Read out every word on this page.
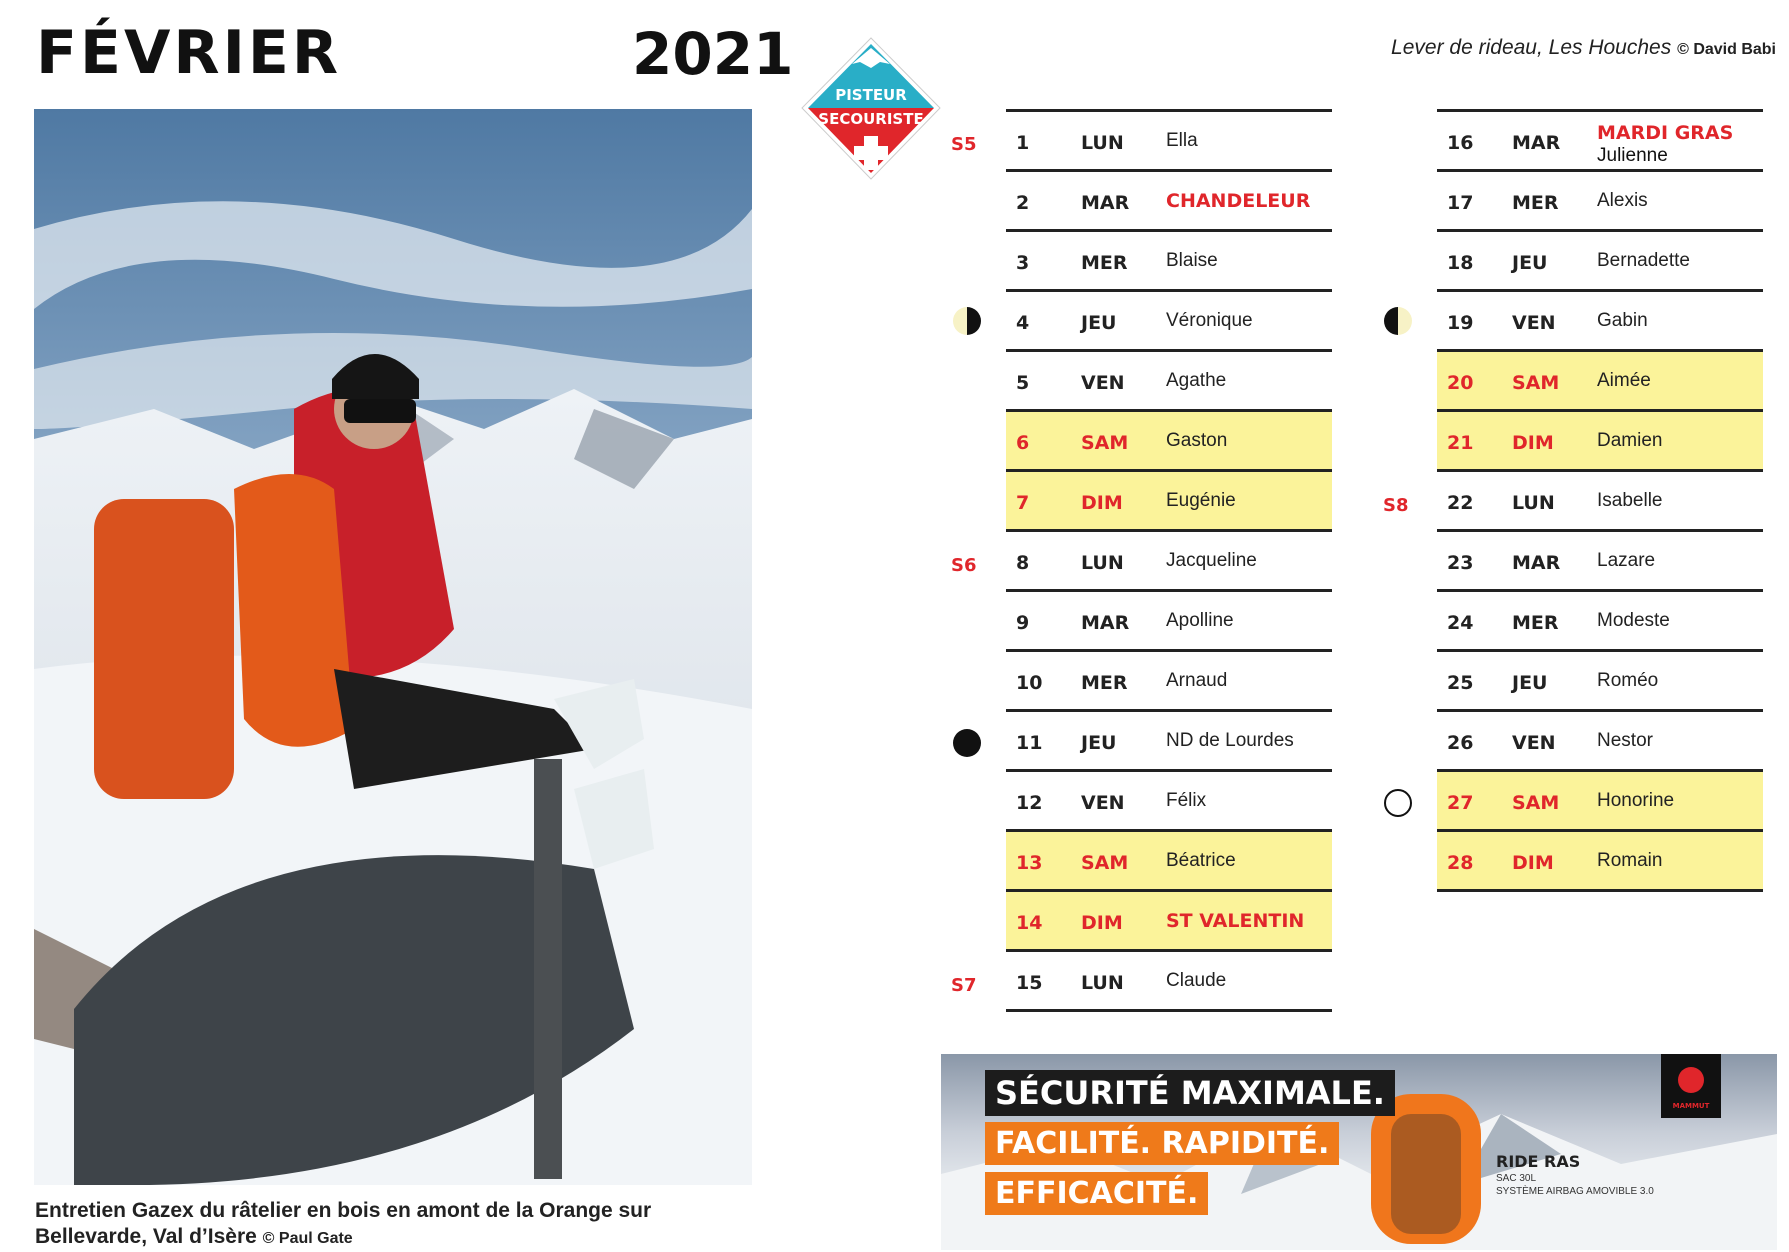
FÉVRIER	2021
Entretien Gazex du râtelier en bois en amont de la Orange sur Bellevarde, Val d’Isère © Paul Gate
Lever de rideau, Les Houches © David Babi
PISTEUR
SECOURISTE
S5
S6
S7
S8
1	LUN Ella
2	MAR CHANDELEUR
3	MER Blaise
4	JEU	Véronique
5	VEN Agathe
6	SAM Gaston
7	DIM Eugénie
8	LUN Jacqueline
9	MAR Apolline
10 MER Arnaud
11 JEU	ND de Lourdes
12 VEN Félix
13 SAM Béatrice
14 DIM ST VALENTIN
15 LUN Claude
16 MAR MARDI GRAS
Julienne
17 MER Alexis
18 JEU	Bernadette
19 VEN Gabin
20 SAM Aimée
21 DIM Damien
22 LUN Isabelle
23 MAR Lazare
24 MER Modeste
25 JEU	Roméo
26 VEN Nestor
27 SAM Honorine
28 DIM Romain
SÉCURITÉ MAXIMALE.
FACILITÉ. RAPIDITÉ.
EFFICACITÉ.
RIDE RAS
SAC 30L
SYSTÈME AIRBAG AMOVIBLE 3.0
MAMMUT
